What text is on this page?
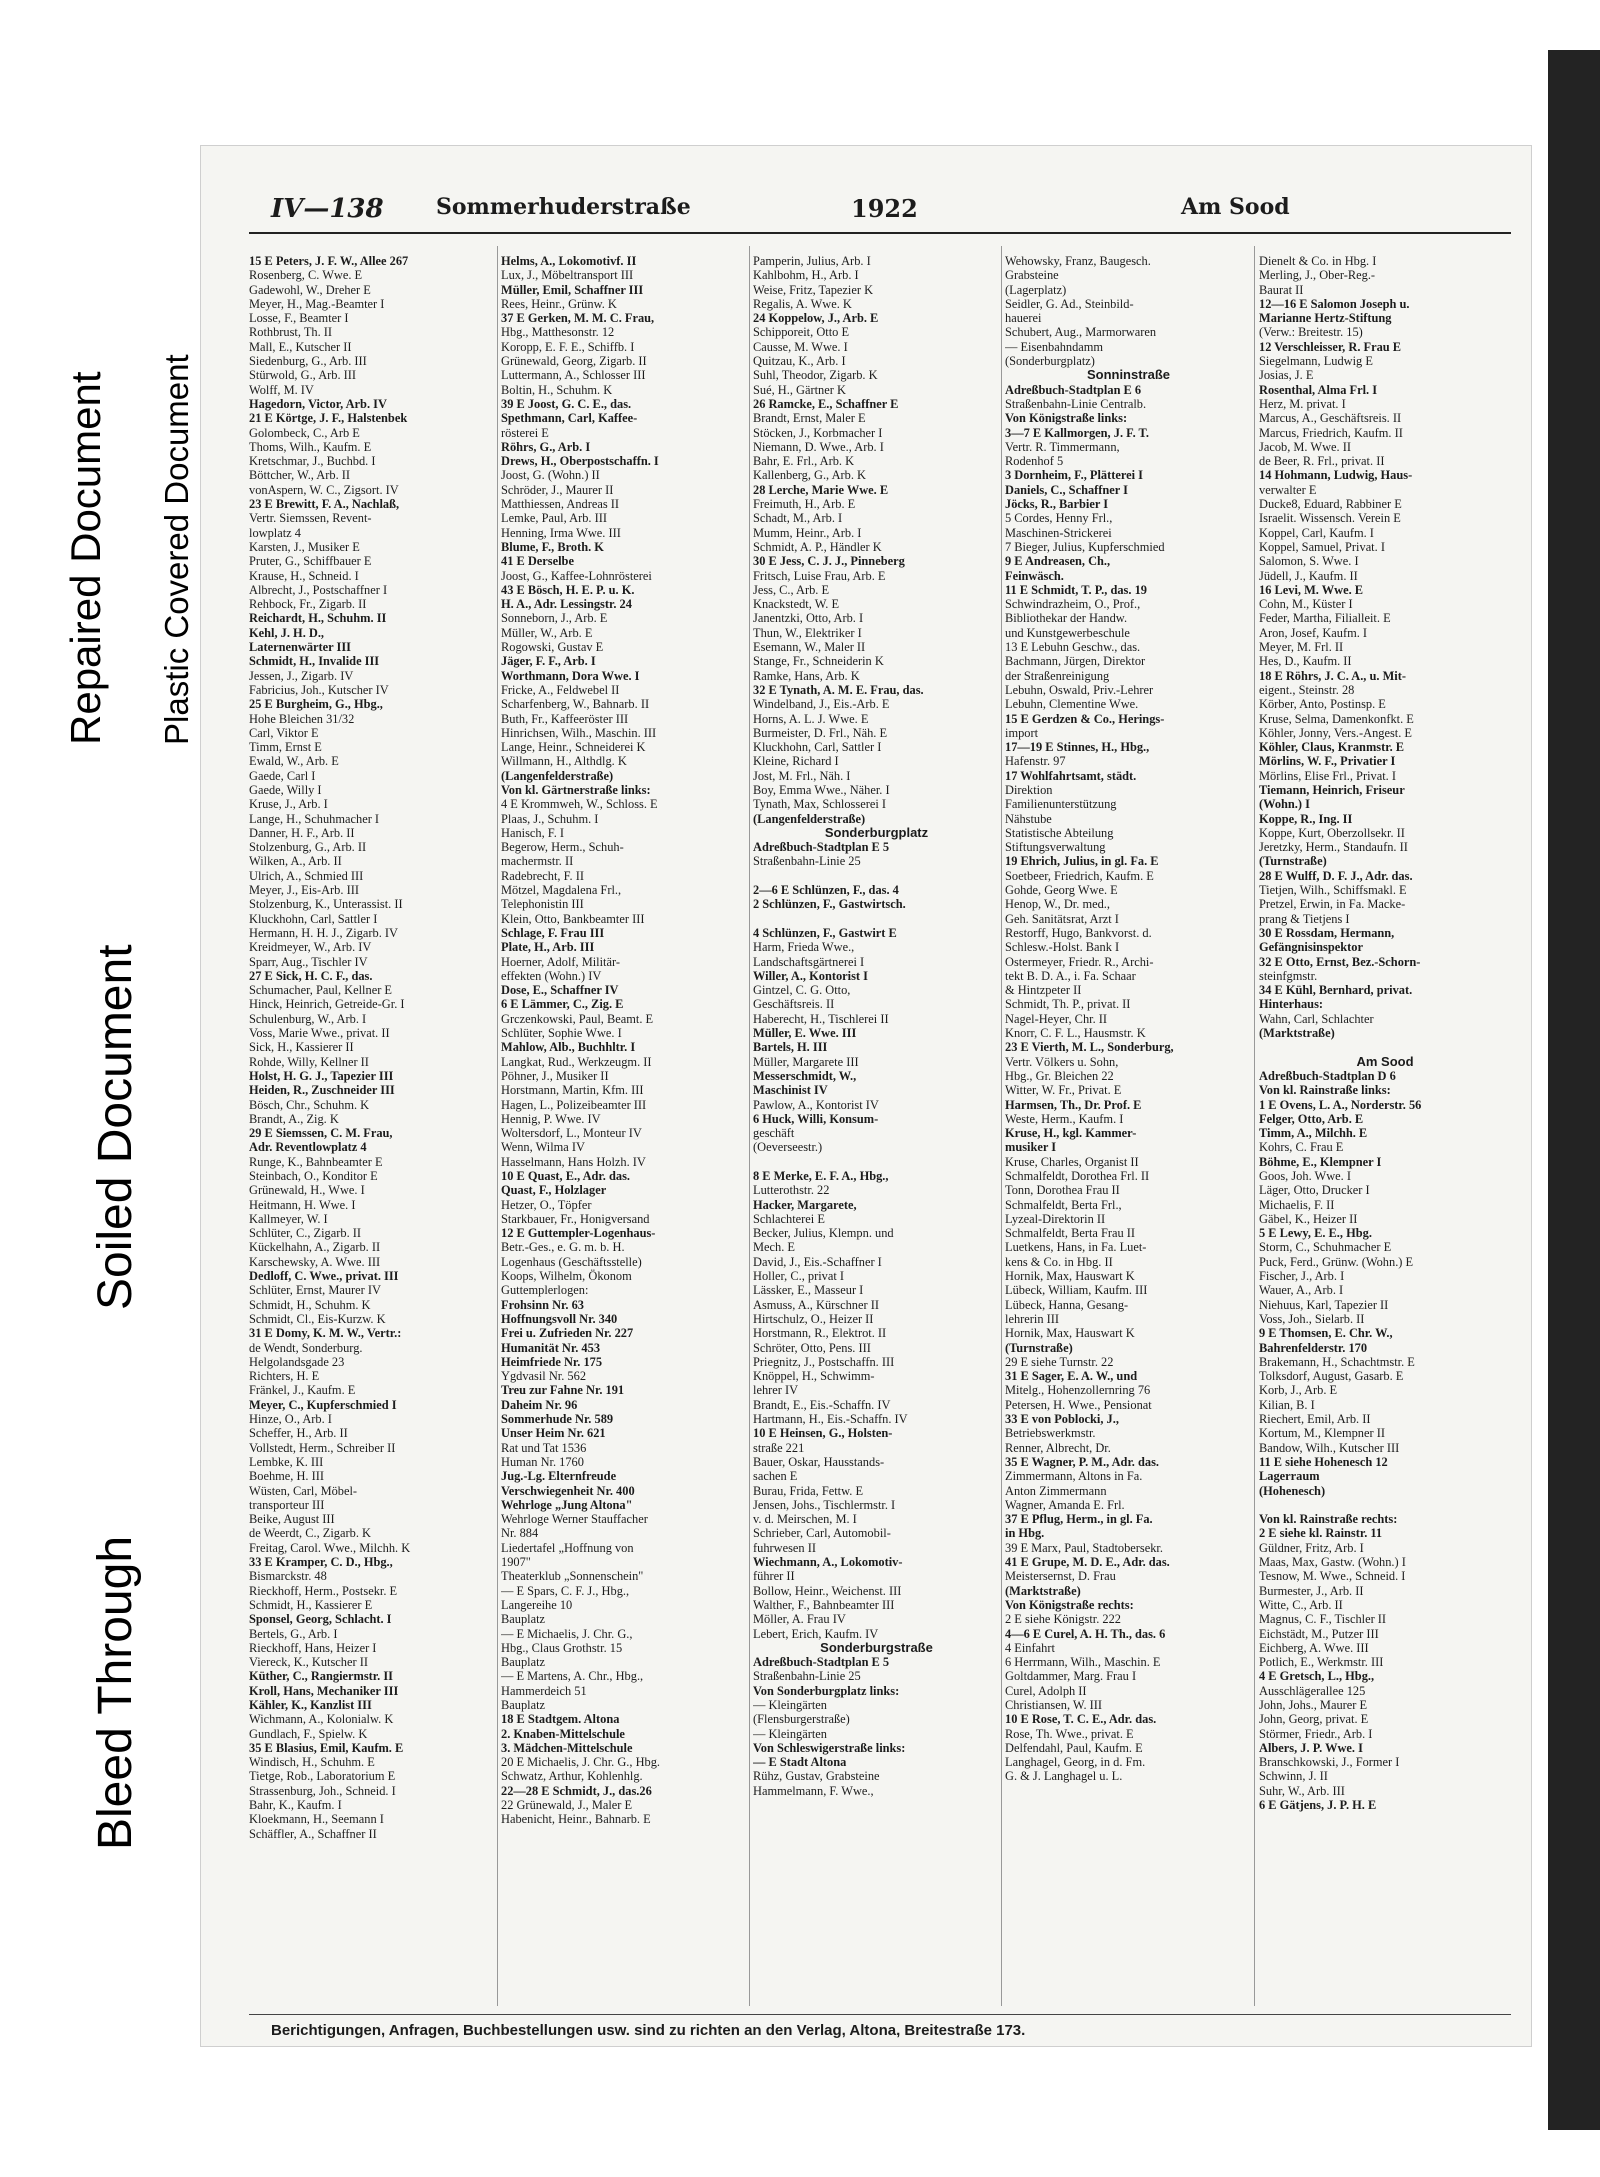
Repaired Document Plastic Covered Document
Soiled Document
Bleed Through
IV—138 Sommerhuderstraße	1922	Am Sood
15 E Peters, J. F. W., Allee 267
Rosenberg, C. Wwe. E
Gadewohl, W., Dreher E
Meyer, H., Mag.-Beamter I
Losse, F., Beamter I
Rothbrust, Th. II
Mall, E., Kutscher II
Siedenburg, G., Arb. III
Stürwold, G., Arb. III
Wolff, M. IV
Hagedorn, Victor, Arb. IV
21 E Körtge, J. F., Halstenbek
Golombeck, C., Arb E
Thoms, Wilh., Kaufm. E
Kretschmar, J., Buchbd. I
Böttcher, W., Arb. II
vonAspern, W. C., Zigsort. IV
23 E Brewitt, F. A., Nachlaß,
Vertr. Siemssen, Revent-
lowplatz 4
Karsten, J., Musiker E
Pruter, G., Schiffbauer E
Krause, H., Schneid. I
Albrecht, J., Postschaffner I
Rehbock, Fr., Zigarb. II
Reichardt, H., Schuhm. II
Kehl, J. H. D.,
Laternenwärter III
Schmidt, H., Invalide III
Jessen, J., Zigarb. IV
Fabricius, Joh., Kutscher IV
25 E Burgheim, G., Hbg.,
Hohe Bleichen 31/32
Carl, Viktor E
Timm, Ernst E
Ewald, W., Arb. E
Gaede, Carl I
Gaede, Willy I
Kruse, J., Arb. I
Lange, H., Schuhmacher I
Danner, H. F., Arb. II
Stolzenburg, G., Arb. II
Wilken, A., Arb. II
Ulrich, A., Schmied III
Meyer, J., Eis-Arb. III
Stolzenburg, K., Unterassist. II
Kluckhohn, Carl, Sattler I
Hermann, H. H. J., Zigarb. IV
Kreidmeyer, W., Arb. IV
Sparr, Aug., Tischler IV
27 E Sick, H. C. F., das.
Schumacher, Paul, Kellner E
Hinck, Heinrich, Getreide-Gr. I
Schulenburg, W., Arb. I
Voss, Marie Wwe., privat. II
Sick, H., Kassierer II
Rohde, Willy, Kellner II
Holst, H. G. J., Tapezier III
Heiden, R., Zuschneider III
Bösch, Chr., Schuhm. K
Brandt, A., Zig. K
29 E Siemssen, C. M. Frau,
Adr. Reventlowplatz 4
Runge, K., Bahnbeamter E
Steinbach, O., Konditor E
Grünewald, H., Wwe. I
Heitmann, H. Wwe. I
Kallmeyer, W. I
Schlüter, C., Zigarb. II
Kückelhahn, A., Zigarb. II
Karschewsky, A. Wwe. III
Dedloff, C. Wwe., privat. III
Schlüter, Ernst, Maurer IV
Schmidt, H., Schuhm. K
Schmidt, Cl., Eis-Kurzw. K
31 E Domy, K. M. W., Vertr.:
de Wendt, Sonderburg.
Helgolandsgade 23
Richters, H. E
Fränkel, J., Kaufm. E
Meyer, C., Kupferschmied I
Hinze, O., Arb. I
Scheffer, H., Arb. II
Vollstedt, Herm., Schreiber II
Lembke, K. III
Boehme, H. III
Wüsten, Carl, Möbel-
transporteur III
Beike, August III
de Weerdt, C., Zigarb. K
Freitag, Carol. Wwe., Milchh. K
33 E Kramper, C. D., Hbg.,
Bismarckstr. 48
Rieckhoff, Herm., Postsekr. E
Schmidt, H., Kassierer E
Sponsel, Georg, Schlacht. I
Bertels, G., Arb. I
Rieckhoff, Hans, Heizer I
Viereck, K., Kutscher II
Küther, C., Rangiermstr. II
Kroll, Hans, Mechaniker III
Kähler, K., Kanzlist III
Wichmann, A., Kolonialw. K
Gundlach, F., Spielw. K
35 E Blasius, Emil, Kaufm. E
Windisch, H., Schuhm. E
Tietge, Rob., Laboratorium E
Strassenburg, Joh., Schneid. I
Bahr, K., Kaufm. I
Kloekmann, H., Seemann I
Schäffler, A., Schaffner II
Helms, A., Lokomotivf. II
Lux, J., Möbeltransport III
Müller, Emil, Schaffner III
Rees, Heinr., Grünw. K
37 E Gerken, M. M. C. Frau,
Hbg., Matthesonstr. 12
Koropp, E. F. E., Schiffb. I
Grünewald, Georg, Zigarb. II
Luttermann, A., Schlosser III
Boltin, H., Schuhm. K
39 E Joost, G. C. E., das.
Spethmann, Carl, Kaffee-
rösterei E
Röhrs, G., Arb. I
Drews, H., Oberpostschaffn. I
Joost, G. (Wohn.) II
Schröder, J., Maurer II
Matthiessen, Andreas II
Lemke, Paul, Arb. III
Henning, Irma Wwe. III
Blume, F., Broth. K
41 E Derselbe
Joost, G., Kaffee-Lohnrösterei
43 E Bösch, H. E. P. u. K.
H. A., Adr. Lessingstr. 24
Sonneborn, J., Arb. E
Müller, W., Arb. E
Rogowski, Gustav E
Jäger, F. F., Arb. I
Worthmann, Dora Wwe. I
Fricke, A., Feldwebel II
Scharfenberg, W., Bahnarb. II
Buth, Fr., Kaffeeröster III
Hinrichsen, Wilh., Maschin. III
Lange, Heinr., Schneiderei K
Willmann, H., Althdlg. K
(Langenfelderstraße)
Von kl. Gärtnerstraße links:
4 E Krommweh, W., Schloss. E
Plaas, J., Schuhm. I
Hanisch, F. I
Begerow, Herm., Schuh-
machermstr. II
Radebrecht, F. II
Mötzel, Magdalena Frl.,
Telephonistin III
Klein, Otto, Bankbeamter III
Schlage, F. Frau III
Plate, H., Arb. III
Hoerner, Adolf, Militär-
effekten (Wohn.) IV
Dose, E., Schaffner IV
6 E Lämmer, C., Zig. E
Grczenkowski, Paul, Beamt. E
Schlüter, Sophie Wwe. I
Mahlow, Alb., Buchhltr. I
Langkat, Rud., Werkzeugm. II
Pöhner, J., Musiker II
Horstmann, Martin, Kfm. III
Hagen, L., Polizeibeamter III
Hennig, P. Wwe. IV
Woltersdorf, L., Monteur IV
Wenn, Wilma IV
Hasselmann, Hans Holzh. IV
10 E Quast, E., Adr. das.
Quast, F., Holzlager
Hetzer, O., Töpfer
Starkbauer, Fr., Honigversand
12 E Guttempler-Logenhaus-
Betr.-Ges., e. G. m. b. H.
Logenhaus (Geschäftsstelle)
Koops, Wilhelm, Ökonom
Guttemplerlogen:
Frohsinn Nr. 63
Hoffnungsvoll Nr. 340
Frei u. Zufrieden Nr. 227
Humanität Nr. 453
Heimfriede Nr. 175
Ygdvasil Nr. 562
Treu zur Fahne Nr. 191
Daheim Nr. 96
Sommerhude Nr. 589
Unser Heim Nr. 621
Rat und Tat 1536
Human Nr. 1760
Jug.-Lg. Elternfreude
Verschwiegenheit Nr. 400
Wehrloge „Jung Altona"
Wehrloge Werner Stauffacher
Nr. 884
Liedertafel „Hoffnung von
1907"
Theaterklub „Sonnenschein"
— E Spars, C. F. J., Hbg.,
Langereihe 10
Bauplatz
— E Michaelis, J. Chr. G.,
Hbg., Claus Grothstr. 15
Bauplatz
— E Martens, A. Chr., Hbg.,
Hammerdeich 51
Bauplatz
18 E Stadtgem. Altona
2. Knaben-Mittelschule
3. Mädchen-Mittelschule
20 E Michaelis, J. Chr. G., Hbg.
Schwatz, Arthur, Kohlenhlg.
22—28 E Schmidt, J., das.26
22 Grünewald, J., Maler E
Habenicht, Heinr., Bahnarb. E
Pamperin, Julius, Arb. I
Kahlbohm, H., Arb. I
Weise, Fritz, Tapezier K
Regalis, A. Wwe. K
24 Koppelow, J., Arb. E
Schipporeit, Otto E
Causse, M. Wwe. I
Quitzau, K., Arb. I
Suhl, Theodor, Zigarb. K
Sué, H., Gärtner K
26 Ramcke, E., Schaffner E
Brandt, Ernst, Maler E
Stöcken, J., Korbmacher I
Niemann, D. Wwe., Arb. I
Bahr, E. Frl., Arb. K
Kallenberg, G., Arb. K
28 Lerche, Marie Wwe. E
Freimuth, H., Arb. E
Schadt, M., Arb. I
Mumm, Heinr., Arb. I
Schmidt, A. P., Händler K
30 E Jess, C. J. J., Pinneberg
Fritsch, Luise Frau, Arb. E
Jess, C., Arb. E
Knackstedt, W. E
Janentzki, Otto, Arb. I
Thun, W., Elektriker I
Esemann, W., Maler II
Stange, Fr., Schneiderin K
Ramke, Hans, Arb. K
32 E Tynath, A. M. E. Frau, das.
Windelband, J., Eis.-Arb. E
Horns, A. L. J. Wwe. E
Burmeister, D. Frl., Näh. E
Kluckhohn, Carl, Sattler I
Kleine, Richard I
Jost, M. Frl., Näh. I
Boy, Emma Wwe., Näher. I
Tynath, Max, Schlosserei I
(Langenfelderstraße)
Sonderburgplatz
Adreßbuch-Stadtplan E 5
Straßenbahn-Linie 25
2—6 E Schlünzen, F., das. 4
2 Schlünzen, F., Gastwirtsch.
4 Schlünzen, F., Gastwirt E
Harm, Frieda Wwe.,
Landschaftsgärtnerei I
Willer, A., Kontorist I
Gintzel, C. G. Otto,
Geschäftsreis. II
Haberecht, H., Tischlerei II
Müller, E. Wwe. III
Bartels, H. III
Müller, Margarete III
Messerschmidt, W.,
Maschinist IV
Pawlow, A., Kontorist IV
6 Huck, Willi, Konsum-
geschäft
(Oeverseestr.)
8 E Merke, E. F. A., Hbg.,
Lutterothstr. 22
Hacker, Margarete,
Schlachterei E
Becker, Julius, Klempn. und
Mech. E
David, J., Eis.-Schaffner I
Holler, C., privat I
Lässker, E., Masseur I
Asmuss, A., Kürschner II
Hirtschulz, O., Heizer II
Horstmann, R., Elektrot. II
Schröter, Otto, Pens. III
Priegnitz, J., Postschaffn. III
Knöppel, H., Schwimm-
lehrer IV
Brandt, E., Eis.-Schaffn. IV
Hartmann, H., Eis.-Schaffn. IV
10 E Heinsen, G., Holsten-
straße 221
Bauer, Oskar, Hausstands-
sachen E
Burau, Frida, Fettw. E
Jensen, Johs., Tischlermstr. I
v. d. Meirschen, M. I
Schrieber, Carl, Automobil-
fuhrwesen II
Wiechmann, A., Lokomotiv-
führer II
Bollow, Heinr., Weichenst. III
Walther, F., Bahnbeamter III
Möller, A. Frau IV
Lebert, Erich, Kaufm. IV
Sonderburgstraße
Adreßbuch-Stadtplan E 5
Straßenbahn-Linie 25
Von Sonderburgplatz links:
— Kleingärten
(Flensburgerstraße)
— Kleingärten
Von Schleswigerstraße links:
— E Stadt Altona
Rühz, Gustav, Grabsteine
Hammelmann, F. Wwe.,
Wehowsky, Franz, Baugesch.
Grabsteine
(Lagerplatz)
Seidler, G. Ad., Steinbild-
hauerei
Schubert, Aug., Marmorwaren
— Eisenbahndamm
(Sonderburgplatz)
Sonninstraße
Adreßbuch-Stadtplan E 6
Straßenbahn-Linie Centralb.
Von Königstraße links:
3—7 E Kallmorgen, J. F. T.
Vertr. R. Timmermann,
Rodenhof 5
3 Dornheim, F., Plätterei I
Daniels, C., Schaffner I
Jöcks, R., Barbier I
5 Cordes, Henny Frl.,
Maschinen-Strickerei
7 Bieger, Julius, Kupferschmied
9 E Andreasen, Ch.,
Feinwäsch.
11 E Schmidt, T. P., das. 19
Schwindrazheim, O., Prof.,
Bibliothekar der Handw.
und Kunstgewerbeschule
13 E Lebuhn Geschw., das.
Bachmann, Jürgen, Direktor
der Straßenreinigung
Lebuhn, Oswald, Priv.-Lehrer
Lebuhn, Clementine Wwe.
15 E Gerdzen & Co., Herings-
import
17—19 E Stinnes, H., Hbg.,
Hafenstr. 97
17 Wohlfahrtsamt, städt.
Direktion
Familienunterstützung
Nähstube
Statistische Abteilung
Stiftungsverwaltung
19 Ehrich, Julius, in gl. Fa. E
Soetbeer, Friedrich, Kaufm. E
Gohde, Georg Wwe. E
Henop, W., Dr. med.,
Geh. Sanitätsrat, Arzt I
Restorff, Hugo, Bankvorst. d.
Schlesw.-Holst. Bank I
Ostermeyer, Friedr. R., Archi-
tekt B. D. A., i. Fa. Schaar
& Hintzpeter II
Schmidt, Th. P., privat. II
Nagel-Heyer, Chr. II
Knorr, C. F. L., Hausmstr. K
23 E Vierth, M. L., Sonderburg,
Vertr. Völkers u. Sohn,
Hbg., Gr. Bleichen 22
Witter, W. Fr., Privat. E
Harmsen, Th., Dr. Prof. E
Weste, Herm., Kaufm. I
Kruse, H., kgl. Kammer-
musiker I
Kruse, Charles, Organist II
Schmalfeldt, Dorothea Frl. II
Tonn, Dorothea Frau II
Schmalfeldt, Berta Frl.,
Lyzeal-Direktorin II
Schmalfeldt, Berta Frau II
Luetkens, Hans, in Fa. Luet-
kens & Co. in Hbg. II
Hornik, Max, Hauswart K
Lübeck, William, Kaufm. III
Lübeck, Hanna, Gesang-
lehrerin III
Hornik, Max, Hauswart K
(Turnstraße)
29 E siehe Turnstr. 22
31 E Sager, E. A. W., und
Mitelg., Hohenzollernring 76
Petersen, H. Wwe., Pensionat
33 E von Poblocki, J.,
Betriebswerkmstr.
Renner, Albrecht, Dr.
35 E Wagner, P. M., Adr. das.
Zimmermann, Altons in Fa.
Anton Zimmermann
Wagner, Amanda E. Frl.
37 E Pflug, Herm., in gl. Fa.
in Hbg.
39 E Marx, Paul, Stadtobersekr.
41 E Grupe, M. D. E., Adr. das.
Meistersernst, D. Frau
(Marktstraße)
Von Königstraße rechts:
2 E siehe Königstr. 222
4—6 E Curel, A. H. Th., das. 6
4 Einfahrt
6 Herrmann, Wilh., Maschin. E
Goltdammer, Marg. Frau I
Curel, Adolph II
Christiansen, W. III
10 E Rose, T. C. E., Adr. das.
Rose, Th. Wwe., privat. E
Delfendahl, Paul, Kaufm. E
Langhagel, Georg, in d. Fm.
G. & J. Langhagel u. L.
Dienelt & Co. in Hbg. I
Merling, J., Ober-Reg.-
Baurat II
12—16 E Salomon Joseph u.
Marianne Hertz-Stiftung
(Verw.: Breitestr. 15)
12 Verschleisser, R. Frau E
Siegelmann, Ludwig E
Josias, J. E
Rosenthal, Alma Frl. I
Herz, M. privat. I
Marcus, A., Geschäftsreis. II
Marcus, Friedrich, Kaufm. II
Jacob, M. Wwe. II
de Beer, R. Frl., privat. II
14 Hohmann, Ludwig, Haus-
verwalter E
Ducke8, Eduard, Rabbiner E
Israelit. Wissensch. Verein E
Koppel, Carl, Kaufm. I
Koppel, Samuel, Privat. I
Salomon, S. Wwe. I
Jüdell, J., Kaufm. II
16 Levi, M. Wwe. E
Cohn, M., Küster I
Feder, Martha, Filialleit. E
Aron, Josef, Kaufm. I
Meyer, M. Frl. II
Hes, D., Kaufm. II
18 E Röhrs, J. C. A., u. Mit-
eigent., Steinstr. 28
Körber, Anto, Postinsp. E
Kruse, Selma, Damenkonfkt. E
Köhler, Jonny, Vers.-Angest. E
Köhler, Claus, Kranmstr. E
Mörlins, W. F., Privatier I
Mörlins, Elise Frl., Privat. I
Tiemann, Heinrich, Friseur
(Wohn.) I
Koppe, R., Ing. II
Koppe, Kurt, Oberzollsekr. II
Jeretzky, Herm., Standaufn. II
(Turnstraße)
28 E Wulff, D. F. J., Adr. das.
Tietjen, Wilh., Schiffsmakl. E
Pretzel, Erwin, in Fa. Macke-
prang & Tietjens I
30 E Rossdam, Hermann,
Gefängnisinspektor
32 E Otto, Ernst, Bez.-Schorn-
steinfgmstr.
34 E Kühl, Bernhard, privat.
Hinterhaus:
Wahn, Carl, Schlachter
(Marktstraße)
Am Sood
Adreßbuch-Stadtplan D 6
Von kl. Rainstraße links:
1 E Ovens, L. A., Norderstr. 56
Felger, Otto, Arb. E
Timm, A., Milchh. E
Kohrs, C. Frau E
Böhme, E., Klempner I
Goos, Joh. Wwe. I
Läger, Otto, Drucker I
Michaelis, F. II
Gäbel, K., Heizer II
5 E Lewy, E. E., Hbg.
Storm, C., Schuhmacher E
Puck, Ferd., Grünw. (Wohn.) E
Fischer, J., Arb. I
Wauer, A., Arb. I
Niehuus, Karl, Tapezier II
Voss, Joh., Sielarb. II
9 E Thomsen, E. Chr. W.,
Bahrenfelderstr. 170
Brakemann, H., Schachtmstr. E
Tolksdorf, August, Gasarb. E
Korb, J., Arb. E
Kilian, B. I
Riechert, Emil, Arb. II
Kortum, M., Klempner II
Bandow, Wilh., Kutscher III
11 E siehe Hohenesch 12
Lagerraum
(Hohenesch)
Von kl. Rainstraße rechts:
2 E siehe kl. Rainstr. 11
Güldner, Fritz, Arb. I
Maas, Max, Gastw. (Wohn.) I
Tesnow, M. Wwe., Schneid. I
Burmester, J., Arb. II
Witte, C., Arb. II
Magnus, C. F., Tischler II
Eichstädt, M., Putzer III
Eichberg, A. Wwe. III
Potlich, E., Werkmstr. III
4 E Gretsch, L., Hbg.,
Ausschlägerallee 125
John, Johs., Maurer E
John, Georg, privat. E
Störmer, Friedr., Arb. I
Albers, J. P. Wwe. I
Branschkowski, J., Former I
Schwinn, J. II
Suhr, W., Arb. III
6 E Gätjens, J. P. H. E
Berichtigungen, Anfragen, Buchbestellungen usw. sind zu richten an den Verlag, Altona, Breitestraße 173.
